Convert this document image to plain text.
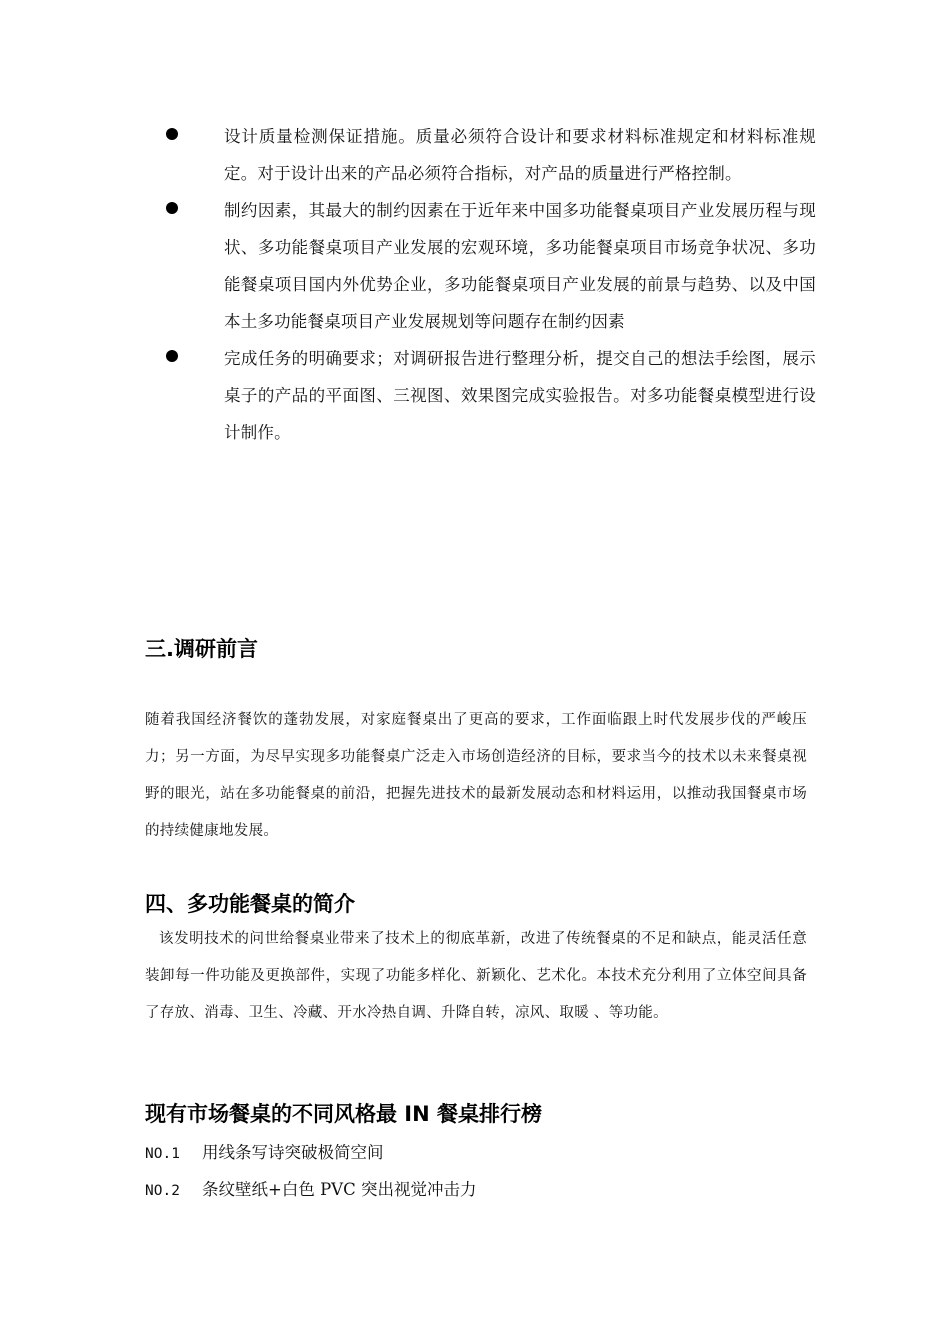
设计质量检测保证措施。质量必须符合设计和要求材料标准规定和材料标准规定。对于设计出来的产品必须符合指标，对产品的质量进行严格控制。
制约因素，其最大的制约因素在于近年来中国多功能餐桌项目产业发展历程与现状、多功能餐桌项目产业发展的宏观环境，多功能餐桌项目市场竞争状况、多功能餐桌项目国内外优势企业，多功能餐桌项目产业发展的前景与趋势、以及中国本土多功能餐桌项目产业发展规划等问题存在制约因素
完成任务的明确要求；对调研报告进行整理分析，提交自己的想法手绘图，展示桌子的产品的平面图、三视图、效果图完成实验报告。对多功能餐桌模型进行设计制作。
三.调研前言
随着我国经济餐饮的蓬勃发展，对家庭餐桌出了更高的要求，工作面临跟上时代发展步伐的严峻压力；另一方面，为尽早实现多功能餐桌广泛走入市场创造经济的目标，要求当今的技术以未来餐桌视野的眼光，站在多功能餐桌的前沿，把握先进技术的最新发展动态和材料运用，以推动我国餐桌市场的持续健康地发展。
四、多功能餐桌的简介
该发明技术的问世给餐桌业带来了技术上的彻底革新，改进了传统餐桌的不足和缺点，能灵活任意装卸每一件功能及更换部件，实现了功能多样化、新颖化、艺术化。本技术充分利用了立体空间具备了存放、消毒、卫生、冷藏、开水冷热自调、升降自转，凉风、取暖 、等功能。
现有市场餐桌的不同风格最 IN 餐桌排行榜
NO.1 用线条写诗突破极简空间
NO.2 条纹壁纸+白色 PVC 突出视觉冲击力
